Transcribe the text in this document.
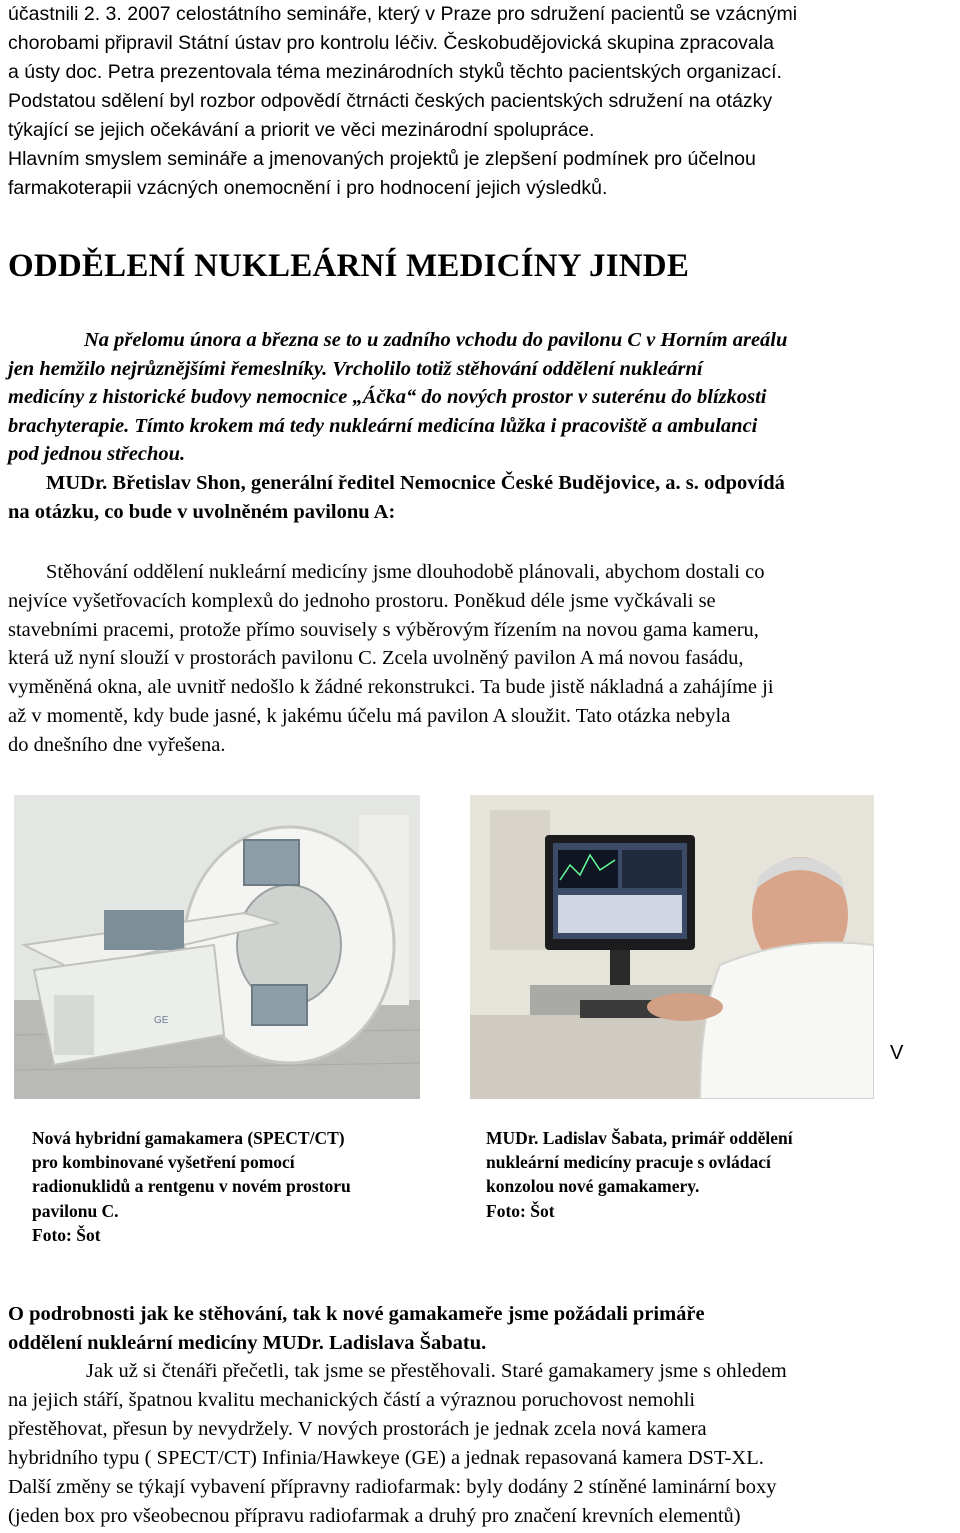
účastnili 2. 3. 2007 celostátního semináře, který v Praze pro sdružení pacientů se vzácnými

chorobami připravil Státní ústav pro kontrolu léčiv. Českobudějovická skupina zpracovala

a ústy doc. Petra prezentovala téma mezinárodních styků těchto pacientských organizací.

Podstatou sdělení byl rozbor odpovědí čtrnácti českých pacientských sdružení na otázky

týkající se jejich očekávání a priorit ve věci mezinárodní spolupráce.

Hlavním smyslem semináře a jmenovaných projektů je zlepšení podmínek pro účelnou

farmakoterapii vzácných onemocnění i pro hodnocení jejich výsledků.

ODDĚLENÍ NUKLEÁRNÍ MEDICÍNY JINDE

Na přelomu února a března se to u zadního vchodu do pavilonu C v Horním areálu

jen hemžilo nejrůznějšími řemeslníky. Vrcholilo totiž stěhování oddělení nukleární

medicíny z historické budovy nemocnice „Áčka“ do nových prostor v suterénu do blízkosti

brachyterapie. Tímto krokem má tedy nukleární medicína lůžka i pracoviště a ambulanci

pod jednou střechou.

MUDr. Břetislav Shon, generální ředitel Nemocnice České Budějovice, a. s. odpovídá

na otázku, co bude v uvolněném pavilonu A:

Stěhování oddělení nukleární medicíny jsme dlouhodobě plánovali, abychom dostali co

nejvíce vyšetřovacích komplexů do jednoho prostoru. Poněkud déle jsme vyčkávali se

stavebními pracemi, protože přímo souvisely s výběrovým řízením na novou gama kameru,

která už nyní slouží v prostorách pavilonu C. Zcela uvolněný pavilon A má novou fasádu,

vyměněná okna, ale uvnitř nedošlo k žádné rekonstrukci. Ta bude jistě nákladná a zahájíme ji

až v momentě, kdy bude jasné, k jakému účelu má pavilon A sloužit. Tato otázka nebyla

do dnešního dne vyřešena.

GE
V

Nová hybridní gamakamera (SPECT/CT)

pro kombinované vyšetření pomocí

radionuklidů a rentgenu v novém prostoru

pavilonu C.

Foto: Šot

MUDr. Ladislav Šabata, primář oddělení

nukleární medicíny pracuje s ovládací

konzolou nové gamakamery.

Foto: Šot

O podrobnosti jak ke stěhování, tak k nové gamakameře jsme požádali primáře

oddělení nukleární medicíny MUDr. Ladislava Šabatu.

Jak už si čtenáři přečetli, tak jsme se přestěhovali. Staré gamakamery jsme s ohledem

na jejich stáří, špatnou kvalitu mechanických částí a výraznou poruchovost nemohli

přestěhovat, přesun by nevydržely. V nových prostorách je jednak zcela nová kamera

hybridního typu ( SPECT/CT) Infinia/Hawkeye (GE) a jednak repasovaná kamera DST-XL.

Další změny se týkají vybavení přípravny radiofarmak: byly dodány 2 stíněné laminární boxy

(jeden box pro všeobecnou přípravu radiofarmak a druhý pro značení krevních elementů)
